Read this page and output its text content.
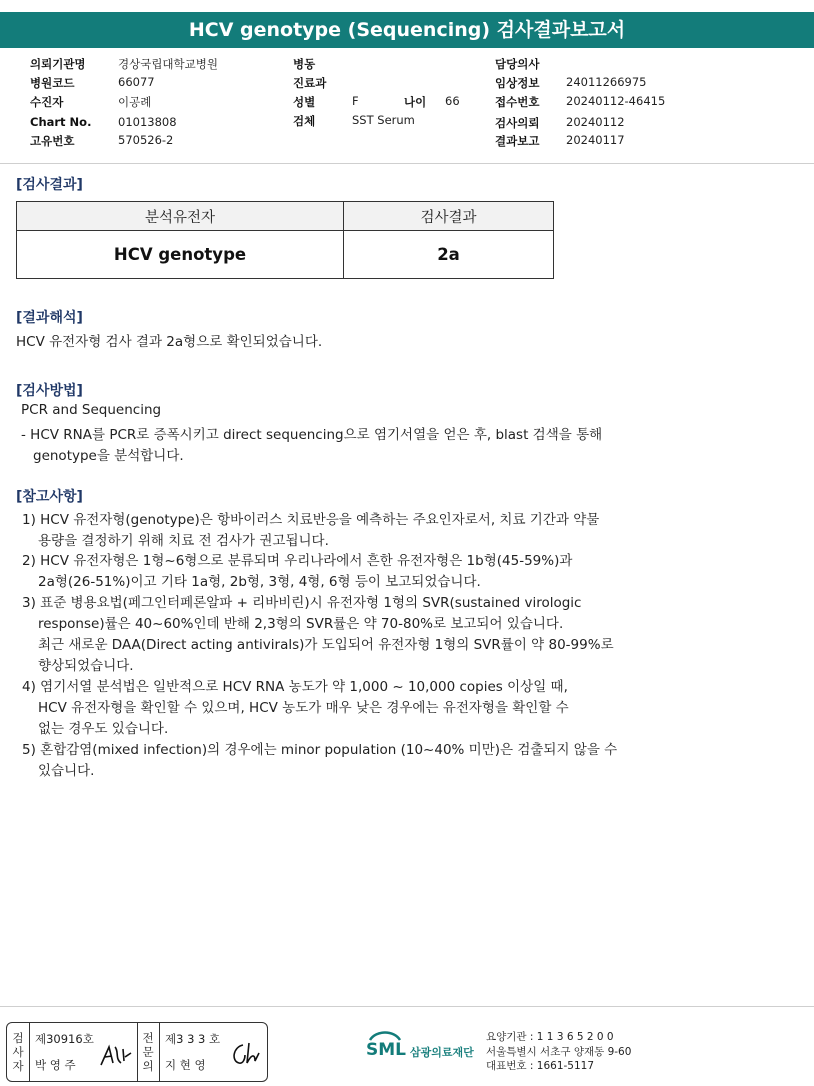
HCV genotype (Sequencing) 검사결과보고서
의뢰기관명	경상국립대학교병원
병원코드	66077
수진자	이공례
Chart No. 01013808
고유번호	570526-2
병동
진료과
성별	F	나이 66
검체	SST Serum
담당의사
임상정보 24011266975
접수번호 20240112-46415
검사의뢰 20240112
결과보고 20240117
[검사결과]
분석유전자	검사결과
HCV genotype	2a
[결과해석]
HCV 유전자형 검사 결과 2a형으로 확인되었습니다.
[검사방법]
PCR and Sequencing
- HCV RNA를 PCR로 증폭시키고 direct sequencing으로 염기서열을 얻은 후, blast 검색을 통해
genotype을 분석합니다.
[참고사항]
1) HCV 유전자형(genotype)은 항바이러스 치료반응을 예측하는 주요인자로서, 치료 기간과 약물
용량을 결정하기 위해 치료 전 검사가 권고됩니다.
2) HCV 유전자형은 1형~6형으로 분류되며 우리나라에서 흔한 유전자형은 1b형(45-59%)과
2a형(26-51%)이고 기타 1a형, 2b형, 3형, 4형, 6형 등이 보고되었습니다.
3) 표준 병용요법(페그인터페론알파 + 리바비린)시 유전자형 1형의 SVR(sustained virologic
response)률은 40~60%인데 반해 2,3형의 SVR률은 약 70-80%로 보고되어 있습니다.
최근 새로운 DAA(Direct acting antivirals)가 도입되어 유전자형 1형의 SVR률이 약 80-99%로
향상되었습니다.
4) 염기서열 분석법은 일반적으로 HCV RNA 농도가 약 1,000 ~ 10,000 copies 이상일 때,
HCV 유전자형을 확인할 수 있으며, HCV 농도가 매우 낮은 경우에는 유전자형을 확인할 수
없는 경우도 있습니다.
5) 혼합감염(mixed infection)의 경우에는 minor population (10~40% 미만)은 검출되지 않을 수
있습니다.
검사자
제30916호
박 영 주
전문의
제3 3 3 호
지 현 영
SML 삼광의료재단
요양기관 : 1 1 3 6 5 2 0 0
서울특별시 서초구 양재동 9-60
대표번호 : 1661-5117
